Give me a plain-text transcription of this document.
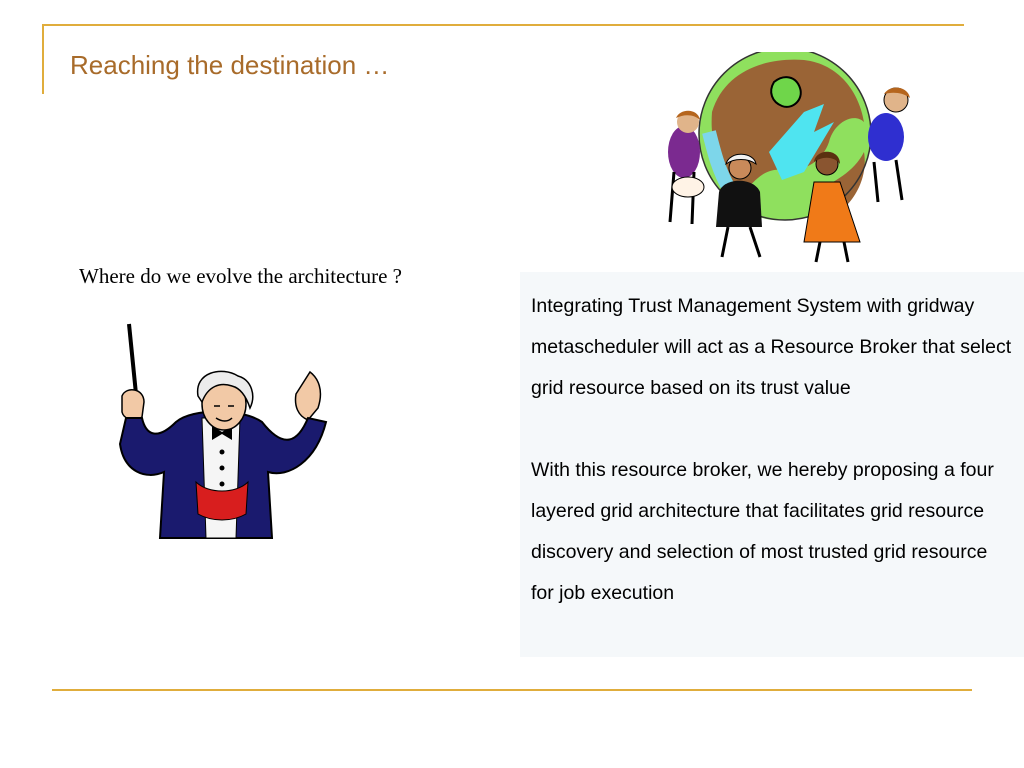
Reaching the destination …
Where do we evolve the architecture ?

Integrating Trust Management System with gridway metascheduler will act as a Resource Broker that select grid resource based on its trust value

With this resource broker, we hereby proposing a four layered grid architecture that facilitates grid resource discovery and selection of most trusted grid resource for job execution
